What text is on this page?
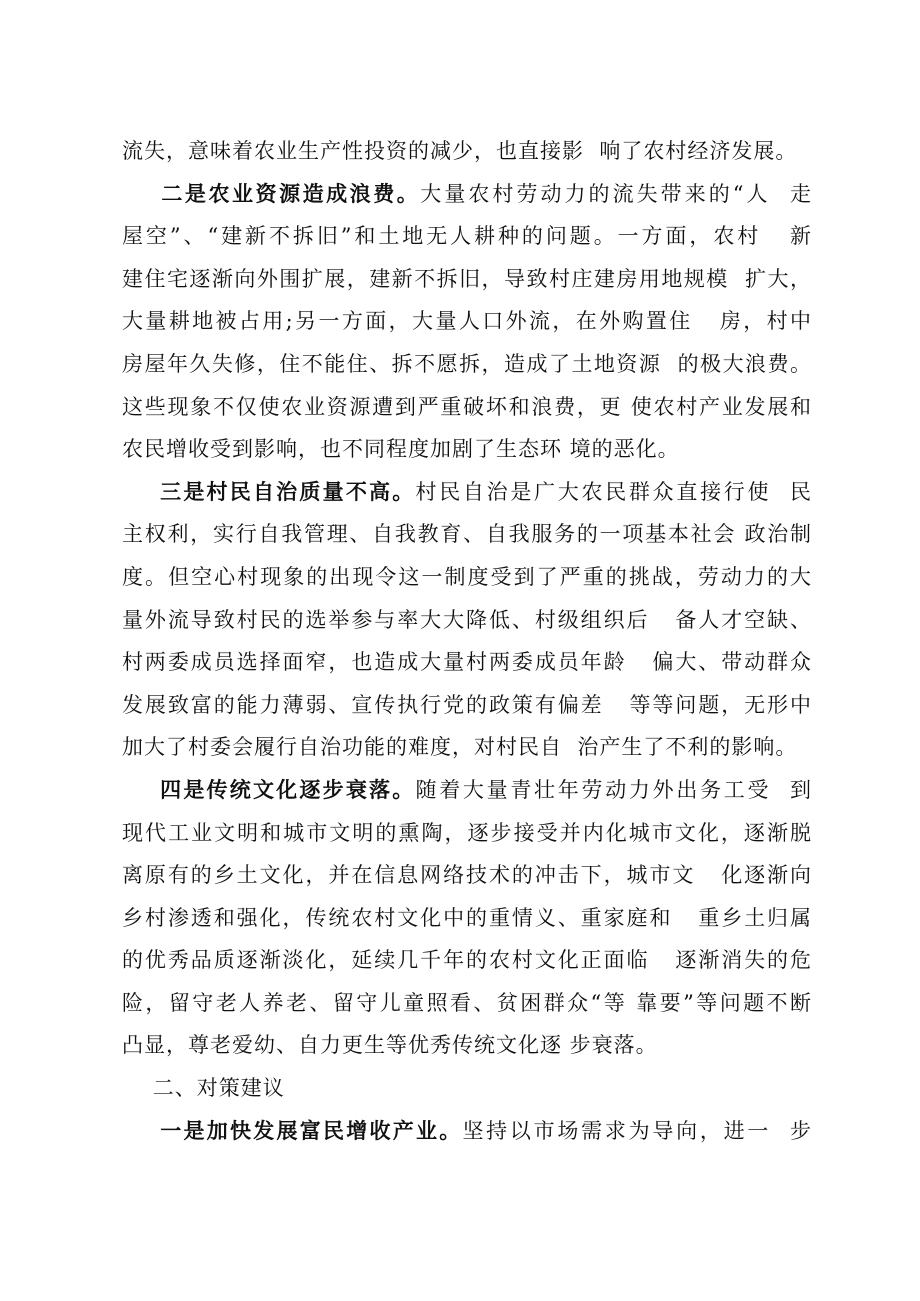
流失，意味着农业生产性投资的减少，也直接影  响了农村经济发展。
二是农业资源造成浪费。大量农村劳动力的流失带来的“人  走
屋空”、“建新不拆旧”和土地无人耕种的问题。一方面，农村   新
建住宅逐渐向外围扩展，建新不拆旧，导致村庄建房用地规模  扩大，
大量耕地被占用;另一方面，大量人口外流，在外购置住   房，村中
房屋年久失修，住不能住、拆不愿拆，造成了土地资源  的极大浪费。
这些现象不仅使农业资源遭到严重破坏和浪费，更 使农村产业发展和
农民增收受到影响，也不同程度加剧了生态环 境的恶化。
三是村民自治质量不高。村民自治是广大农民群众直接行使  民
主权利，实行自我管理、自我教育、自我服务的一项基本社会 政治制
度。但空心村现象的出现令这一制度受到了严重的挑战，劳动力的大
量外流导致村民的选举参与率大大降低、村级组织后   备人才空缺、
村两委成员选择面窄，也造成大量村两委成员年龄   偏大、带动群众
发展致富的能力薄弱、宣传执行党的政策有偏差   等等问题，无形中
加大了村委会履行自治功能的难度，对村民自  治产生了不利的影响。
四是传统文化逐步衰落。随着大量青壮年劳动力外出务工受  到
现代工业文明和城市文明的熏陶，逐步接受并内化城市文化，逐渐脱
离原有的乡土文化，并在信息网络技术的冲击下，城市文   化逐渐向
乡村渗透和强化，传统农村文化中的重情义、重家庭和   重乡土归属
的优秀品质逐渐淡化，延续几千年的农村文化正面临   逐渐消失的危
险，留守老人养老、留守儿童照看、贫困群众“等 靠要”等问题不断
凸显，尊老爱幼、自力更生等优秀传统文化逐 步衰落。
二、对策建议
一是加快发展富民增收产业。坚持以市场需求为导向，进一  步
